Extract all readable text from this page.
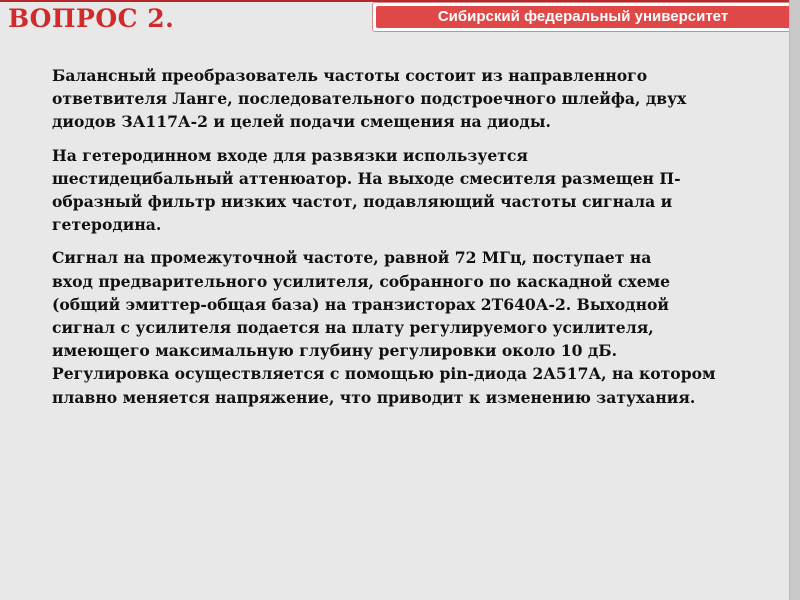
ВОПРОС 2.	Сибирский федеральный университет

Балансный преобразователь частоты состоит из направленного
ответвителя Ланге, последовательного подстроечного шлейфа, двух
диодов ЗА117А-2 и целей подачи смещения на диоды.

На гетеродинном входе для развязки используется
шестидецибальный аттенюатор. На выходе смесителя размещен П-
образный фильтр низких частот, подавляющий частоты сигнала и
гетеродина.

Сигнал на промежуточной частоте, равной 72 МГц, поступает на
вход предварительного усилителя, собранного по каскадной схеме
(общий эмиттер-общая база) на транзисторах 2Т640А-2. Выходной
сигнал с усилителя подается на плату регулируемого усилителя,
имеющего максимальную глубину регулировки около 10 дБ.
Регулировка осуществляется с помощью pin-диода 2А517А, на котором
плавно меняется напряжение, что приводит к изменению затухания.
